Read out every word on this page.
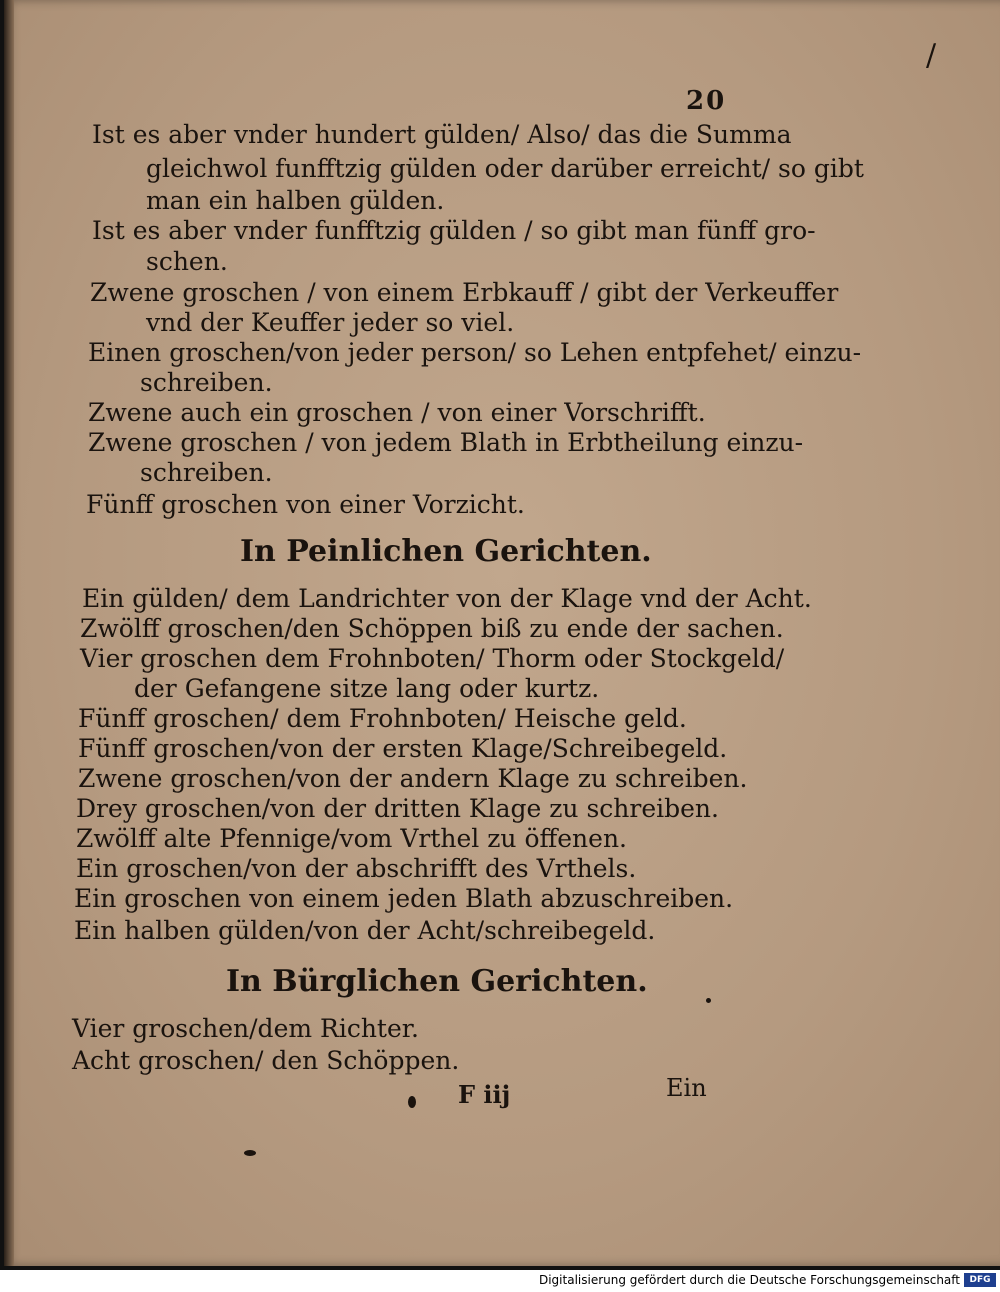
/
20
Ist es aber vnder hundert gülden/ Also/ das die Summa
gleichwol funfftzig gülden oder darüber erreicht/ so gibt
man ein halben gülden.
Ist es aber vnder funfftzig gülden / so gibt man fünff gro-
schen.
Zwene groschen / von einem Erbkauff / gibt der Verkeuffer
vnd der Keuffer jeder so viel.
Einen groschen/von jeder person/ so Lehen entpfehet/ einzu-
schreiben.
Zwene auch ein groschen / von einer Vorschrifft.
Zwene groschen / von jedem Blath in Erbtheilung einzu-
schreiben.
Fünff groschen von einer Vorzicht.
In Peinlichen Gerichten.
Ein gülden/ dem Landrichter von der Klage vnd der Acht.
Zwölff groschen/den Schöppen biß zu ende der sachen.
Vier groschen dem Frohnboten/ Thorm oder Stockgeld/
der Gefangene sitze lang oder kurtz.
Fünff groschen/ dem Frohnboten/ Heische geld.
Fünff groschen/von der ersten Klage/Schreibegeld.
Zwene groschen/von der andern Klage zu schreiben.
Drey groschen/von der dritten Klage zu schreiben.
Zwölff alte Pfennige/vom Vrthel zu öffenen.
Ein groschen/von der abschrifft des Vrthels.
Ein groschen von einem jeden Blath abzuschreiben.
Ein halben gülden/von der Acht/schreibegeld.
In Bürglichen Gerichten.
Vier groschen/dem Richter.
Acht groschen/ den Schöppen.
F iij	Ein
Digitalisierung gefördert durch die Deutsche Forschungsgemeinschaft	DFG
